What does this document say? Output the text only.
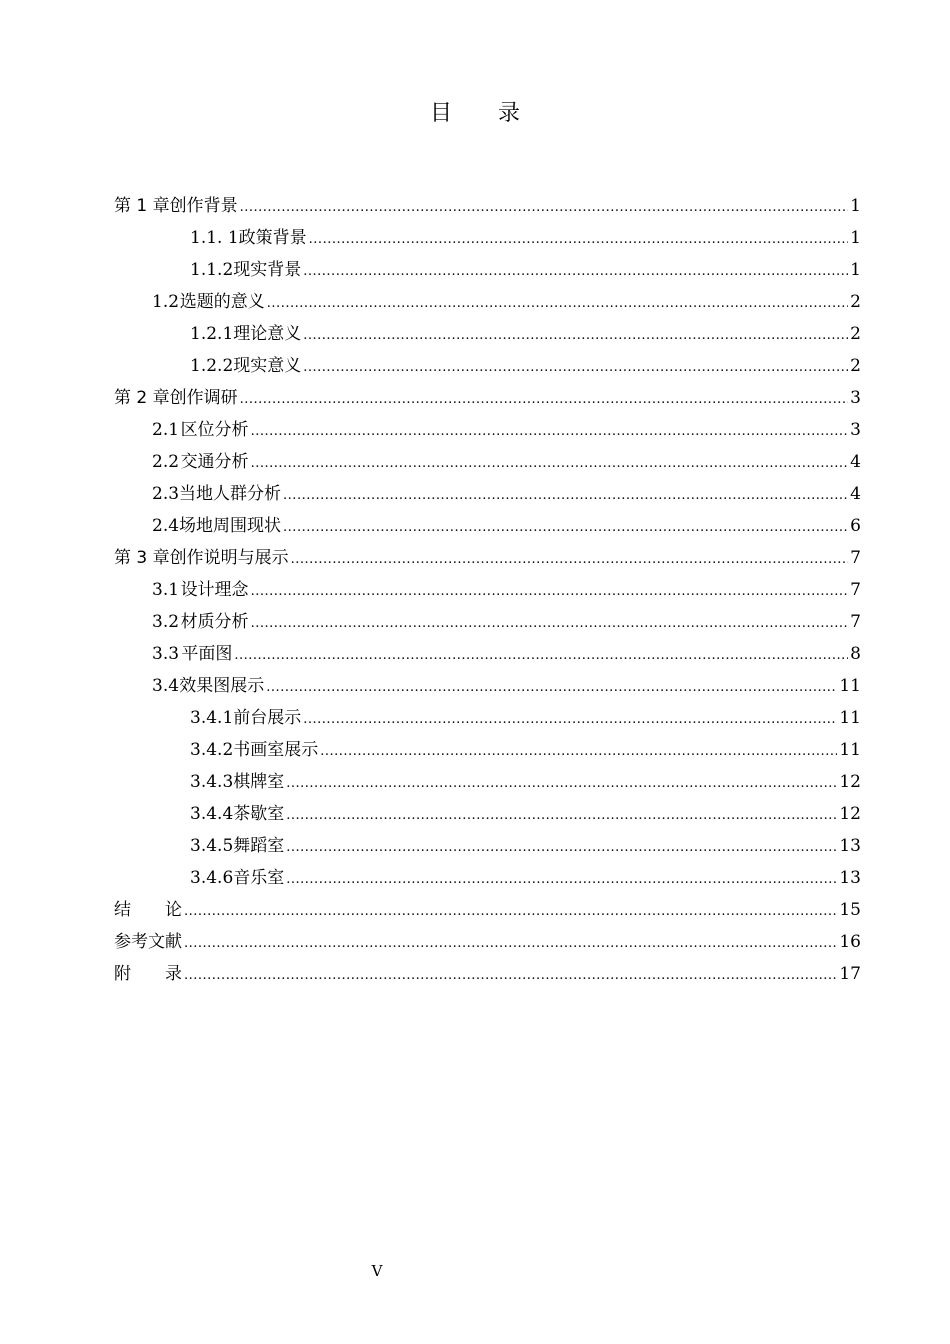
目 录
第 1 章 创作背景 .....	1
1.1. 1 政策背景 .....	1
1.1.2 现实背景 .....	1
1.2 选题的意义 .....	2
1.2.1 理论意义 .....	2
1.2.2 现实意义 .....	2
第 2 章 创作调研 .....	3
2.1 区位分析 .....	3
2.2 交通分析 .....	4
2.3 当地人群分析 .....	4
2.4 场地周围现状 .....	6
第 3 章 创作说明与展示 .....	7
3.1 设计理念 .....	7
3.2 材质分析 .....	7
3.3 平面图 .....	8
3.4 效果图展示 .....	11
3.4.1 前台展示 .....	11
3.4.2 书画室展示 .....	11
3.4.3 棋牌室 .....	12
3.4.4 茶歇室 .....	12
3.4.5 舞蹈室 .....	13
3.4.6 音乐室 .....	13
结　　论 .....	15
参考文献 .....	16
附　　录 .....	17
V
